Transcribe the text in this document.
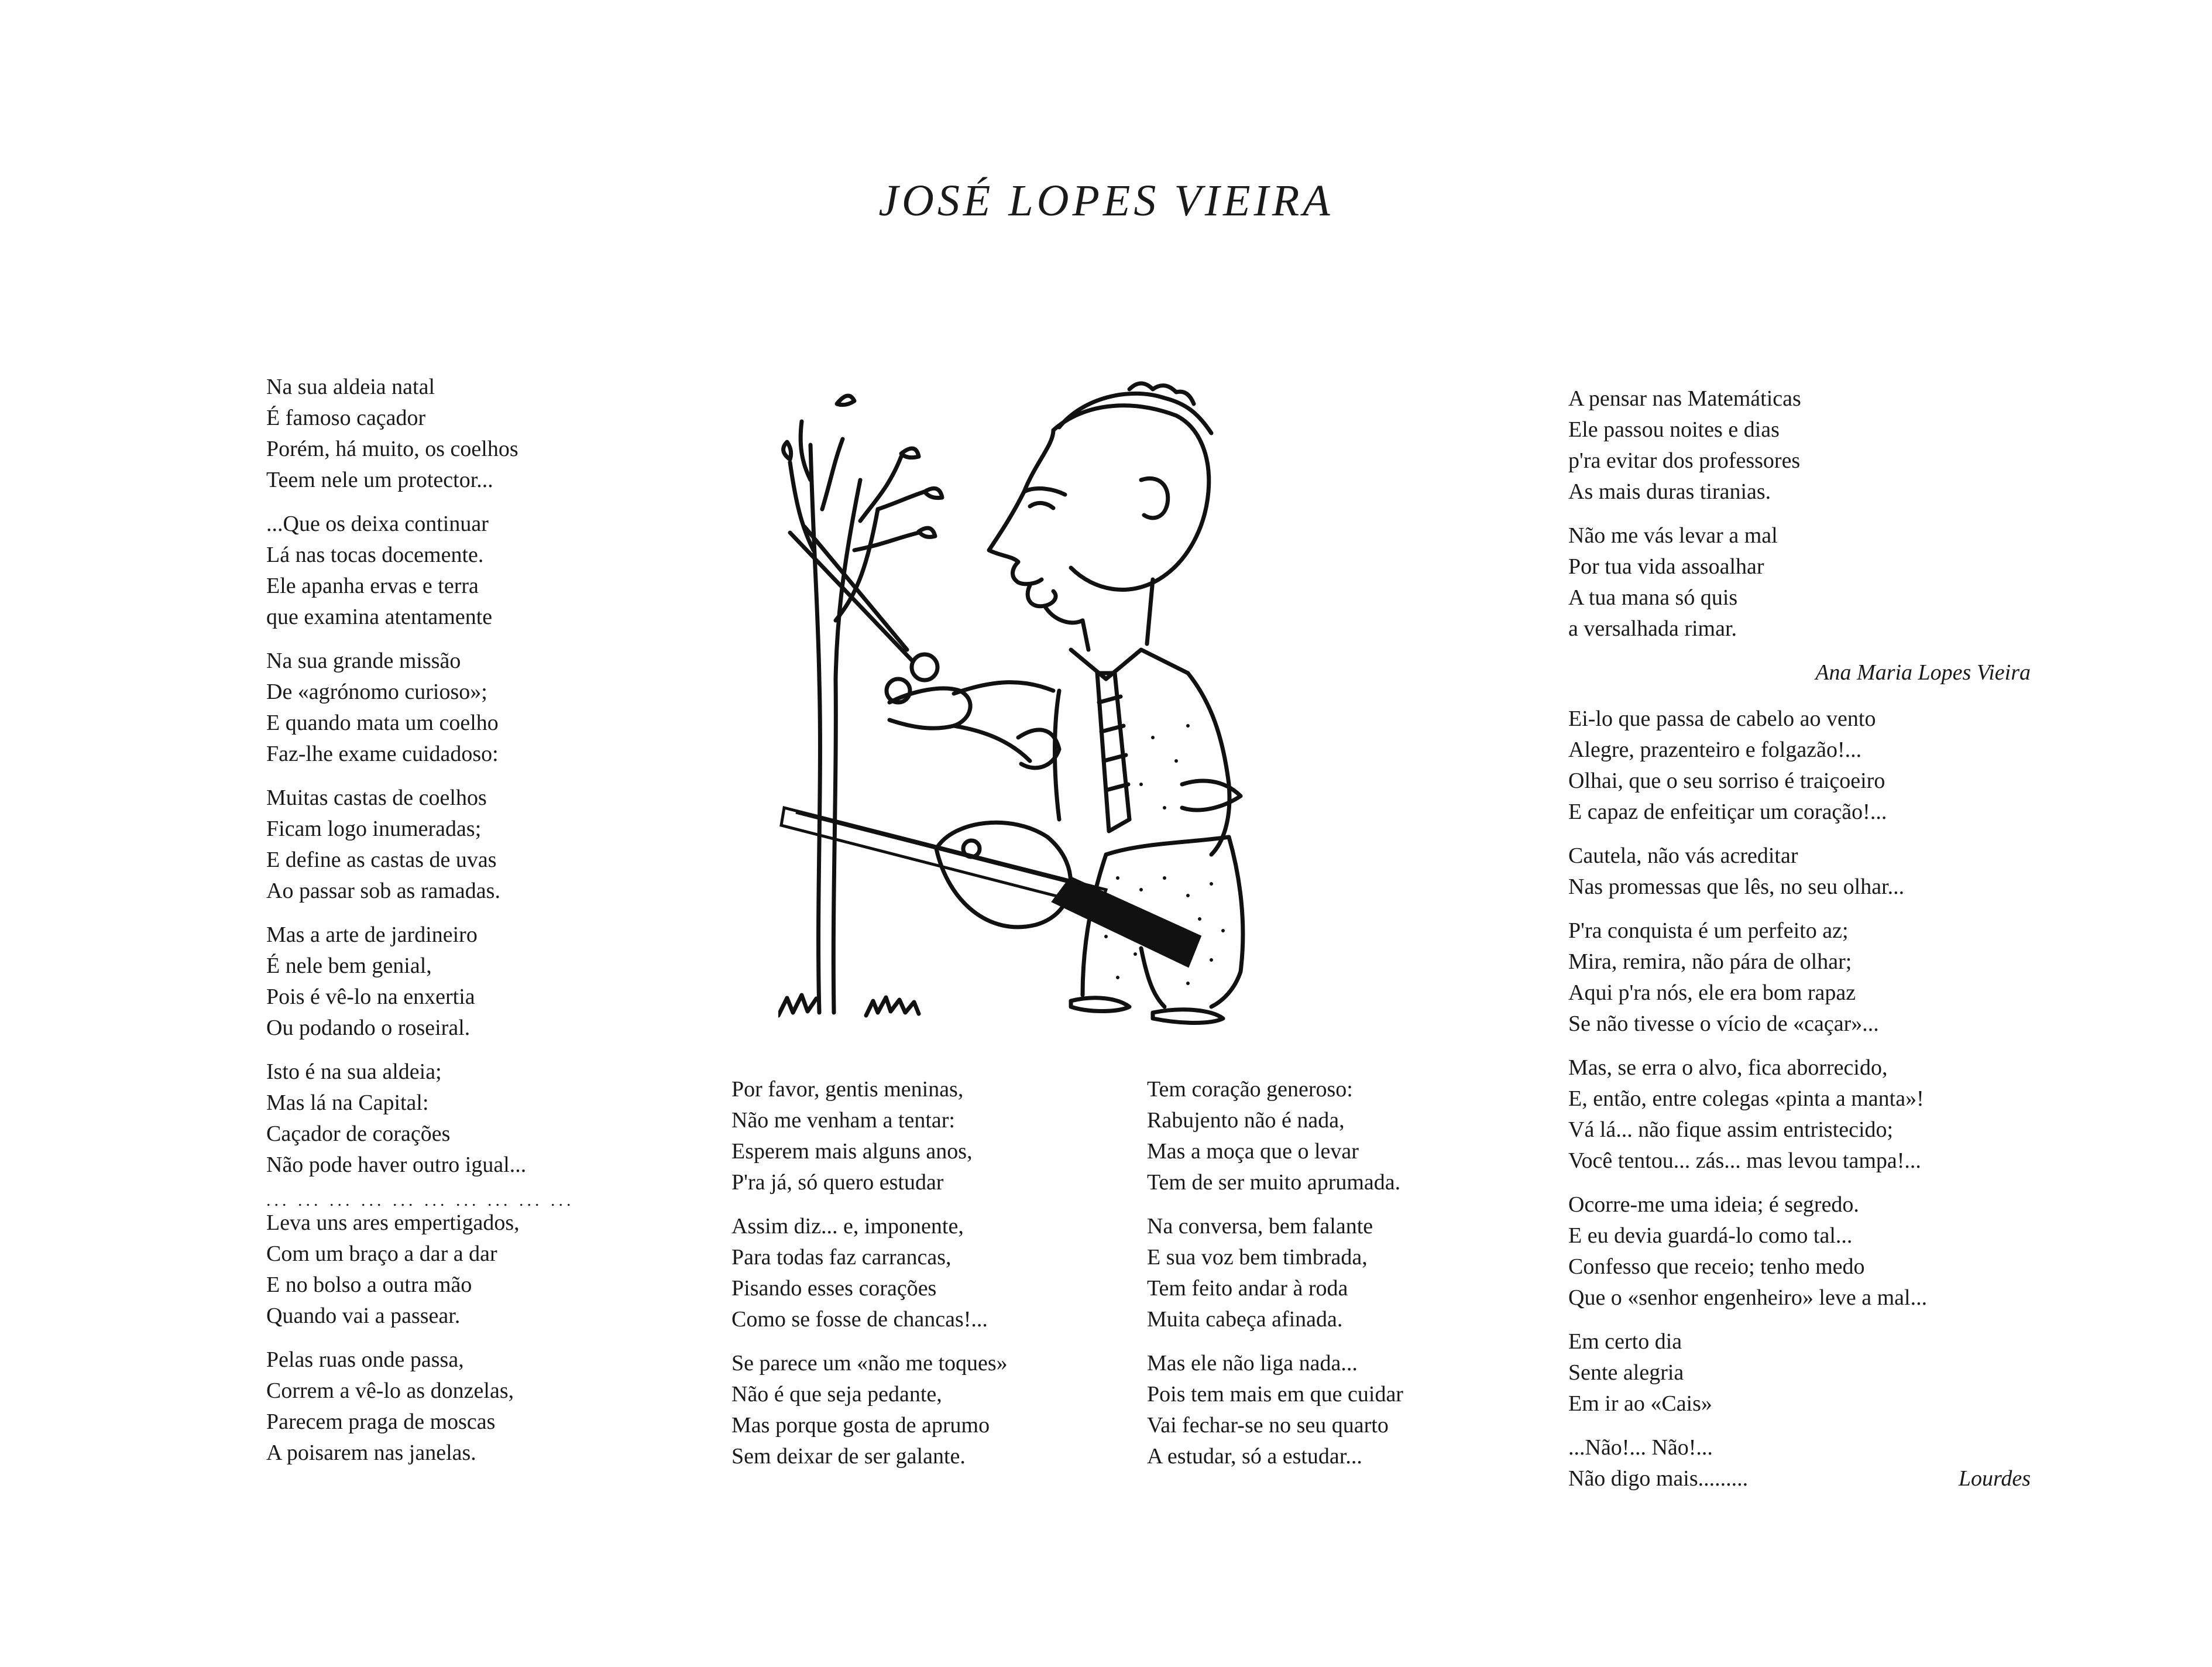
JOSÉ LOPES VIEIRA
Na sua aldeia natal
É famoso caçador
Porém, há muito, os coelhos
Teem nele um protector...
...Que os deixa continuar
Lá nas tocas docemente.
Ele apanha ervas e terra
que examina atentamente
Na sua grande missão
De «agrónomo curioso»;
E quando mata um coelho
Faz-lhe exame cuidadoso:
Muitas castas de coelhos
Ficam logo inumeradas;
E define as castas de uvas
Ao passar sob as ramadas.
Mas a arte de jardineiro
É nele bem genial,
Pois é vê-lo na enxertia
Ou podando o roseiral.
Isto é na sua aldeia;
Mas lá na Capital:
Caçador de corações
Não pode haver outro igual...
... ... ... ... ... ... ... ... ... ...
Leva uns ares empertigados,
Com um braço a dar a dar
E no bolso a outra mão
Quando vai a passear.
Pelas ruas onde passa,
Correm a vê-lo as donzelas,
Parecem praga de moscas
A poisarem nas janelas.
Por favor, gentis meninas,
Não me venham a tentar:
Esperem mais alguns anos,
P'ra já, só quero estudar
Assim diz... e, imponente,
Para todas faz carrancas,
Pisando esses corações
Como se fosse de chancas!...
Se parece um «não me toques»
Não é que seja pedante,
Mas porque gosta de aprumo
Sem deixar de ser galante.
Tem coração generoso:
Rabujento não é nada,
Mas a moça que o levar
Tem de ser muito aprumada.
Na conversa, bem falante
E sua voz bem timbrada,
Tem feito andar à roda
Muita cabeça afinada.
Mas ele não liga nada...
Pois tem mais em que cuidar
Vai fechar-se no seu quarto
A estudar, só a estudar...
A pensar nas Matemáticas
Ele passou noites e dias
p'ra evitar dos professores
As mais duras tiranias.
Não me vás levar a mal
Por tua vida assoalhar
A tua mana só quis
a versalhada rimar.
Ana Maria Lopes Vieira
Ei-lo que passa de cabelo ao vento
Alegre, prazenteiro e folgazão!...
Olhai, que o seu sorriso é traiçoeiro
E capaz de enfeitiçar um coração!...
Cautela, não vás acreditar
Nas promessas que lês, no seu olhar...
P'ra conquista é um perfeito az;
Mira, remira, não pára de olhar;
Aqui p'ra nós, ele era bom rapaz
Se não tivesse o vício de «caçar»...
Mas, se erra o alvo, fica aborrecido,
E, então, entre colegas «pinta a manta»!
Vá lá... não fique assim entristecido;
Você tentou... zás... mas levou tampa!...
Ocorre-me uma ideia; é segredo.
E eu devia guardá-lo como tal...
Confesso que receio; tenho medo
Que o «senhor engenheiro» leve a mal...
Em certo dia
Sente alegria
Em ir ao «Cais»
...Não!... Não!...
Não digo mais.........	Lourdes
